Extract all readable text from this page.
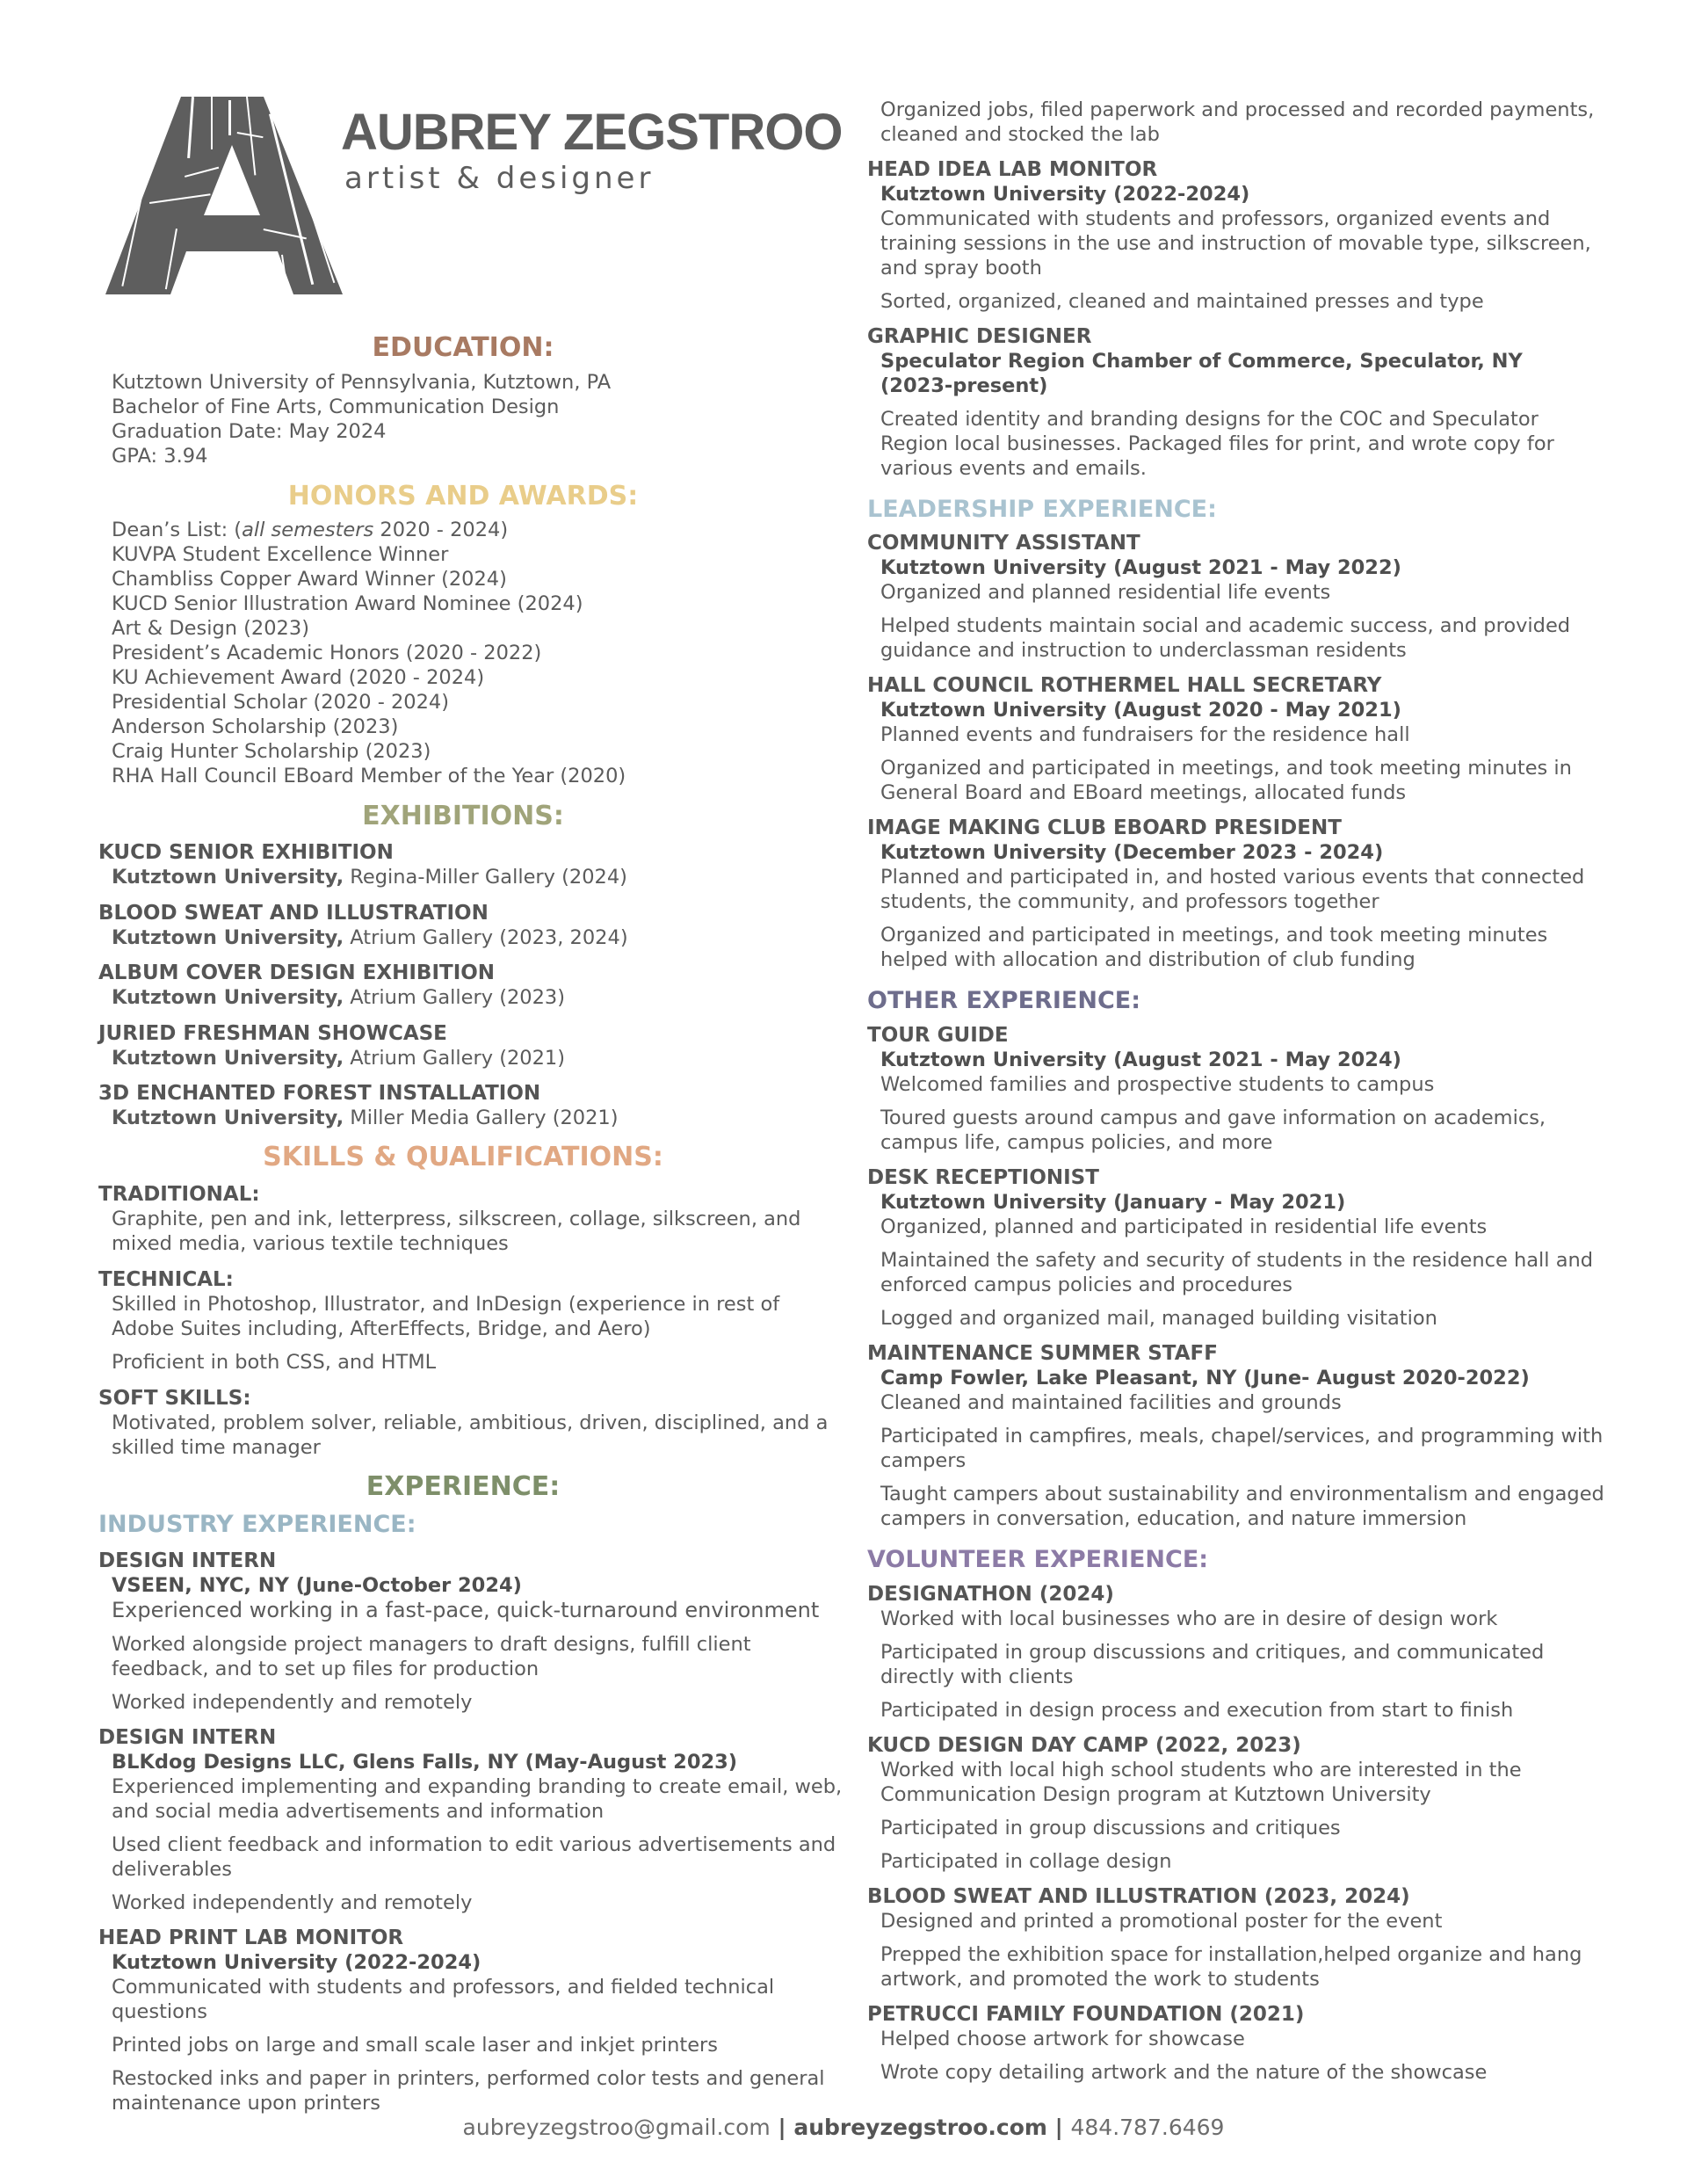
AUBREY ZEGSTROO
artist & designer
EDUCATION:
Kutztown University of Pennsylvania, Kutztown, PA
Bachelor of Fine Arts, Communication Design
Graduation Date: May 2024
GPA: 3.94
HONORS AND AWARDS:
Dean’s List: (all semesters 2020 - 2024)
KUVPA Student Excellence Winner
Chambliss Copper Award Winner (2024)
KUCD Senior Illustration Award Nominee (2024)
Art & Design (2023)
President’s Academic Honors (2020 - 2022)
KU Achievement Award (2020 - 2024)
Presidential Scholar (2020 - 2024)
Anderson Scholarship (2023)
Craig Hunter Scholarship (2023)
RHA Hall Council EBoard Member of the Year (2020)
EXHIBITIONS:
KUCD SENIOR EXHIBITION
Kutztown University, Regina-Miller Gallery (2024)
BLOOD SWEAT AND ILLUSTRATION
Kutztown University, Atrium Gallery (2023, 2024)
ALBUM COVER DESIGN EXHIBITION
Kutztown University, Atrium Gallery (2023)
JURIED FRESHMAN SHOWCASE
Kutztown University, Atrium Gallery (2021)
3D ENCHANTED FOREST INSTALLATION
Kutztown University, Miller Media Gallery (2021)
SKILLS & QUALIFICATIONS:
TRADITIONAL:
Graphite, pen and ink, letterpress, silkscreen, collage, silkscreen, and
mixed media, various textile techniques
TECHNICAL:
Skilled in Photoshop, Illustrator, and InDesign (experience in rest of
Adobe Suites including, AfterEffects, Bridge, and Aero)
Proficient in both CSS, and HTML
SOFT SKILLS:
Motivated, problem solver, reliable, ambitious, driven, disciplined, and a
skilled time manager
EXPERIENCE:
INDUSTRY EXPERIENCE:
DESIGN INTERN
VSEEN, NYC, NY (June-October 2024)
Experienced working in a fast-pace, quick-turnaround environment
Worked alongside project managers to draft designs, fulfill client
feedback, and to set up files for production
Worked independently and remotely
DESIGN INTERN
BLKdog Designs LLC, Glens Falls, NY (May-August 2023)
Experienced implementing and expanding branding to create email, web,
and social media advertisements and information
Used client feedback and information to edit various advertisements and
deliverables
Worked independently and remotely
HEAD PRINT LAB MONITOR
Kutztown University (2022-2024)
Communicated with students and professors, and fielded technical
questions
Printed jobs on large and small scale laser and inkjet printers
Restocked inks and paper in printers, performed color tests and general
maintenance upon printers
Organized jobs, filed paperwork and processed and recorded payments,
cleaned and stocked the lab
HEAD IDEA LAB MONITOR
Kutztown University (2022-2024)
Communicated with students and professors, organized events and
training sessions in the use and instruction of movable type, silkscreen,
and spray booth
Sorted, organized, cleaned and maintained presses and type
GRAPHIC DESIGNER
Speculator Region Chamber of Commerce, Speculator, NY
(2023-present)
Created identity and branding designs for the COC and Speculator
Region local businesses. Packaged files for print, and wrote copy for
various events and emails.
LEADERSHIP EXPERIENCE:
COMMUNITY ASSISTANT
Kutztown University (August 2021 - May 2022)
Organized and planned residential life events
Helped students maintain social and academic success, and provided
guidance and instruction to underclassman residents
HALL COUNCIL ROTHERMEL HALL SECRETARY
Kutztown University (August 2020 - May 2021)
Planned events and fundraisers for the residence hall
Organized and participated in meetings, and took meeting minutes in
General Board and EBoard meetings, allocated funds
IMAGE MAKING CLUB EBOARD PRESIDENT
Kutztown University (December 2023 - 2024)
Planned and participated in, and hosted various events that connected
students, the community, and professors together
Organized and participated in meetings, and took meeting minutes
helped with allocation and distribution of club funding
OTHER EXPERIENCE:
TOUR GUIDE
Kutztown University (August 2021 - May 2024)
Welcomed families and prospective students to campus
Toured guests around campus and gave information on academics,
campus life, campus policies, and more
DESK RECEPTIONIST
Kutztown University (January - May 2021)
Organized, planned and participated in residential life events
Maintained the safety and security of students in the residence hall and
enforced campus policies and procedures
Logged and organized mail, managed building visitation
MAINTENANCE SUMMER STAFF
Camp Fowler, Lake Pleasant, NY (June- August 2020-2022)
Cleaned and maintained facilities and grounds
Participated in campfires, meals, chapel/services, and programming with
campers
Taught campers about sustainability and environmentalism and engaged
campers in conversation, education, and nature immersion
VOLUNTEER EXPERIENCE:
DESIGNATHON (2024)
Worked with local businesses who are in desire of design work
Participated in group discussions and critiques, and communicated
directly with clients
Participated in design process and execution from start to finish
KUCD DESIGN DAY CAMP (2022, 2023)
Worked with local high school students who are interested in the
Communication Design program at Kutztown University
Participated in group discussions and critiques
Participated in collage design
BLOOD SWEAT AND ILLUSTRATION (2023, 2024)
Designed and printed a promotional poster for the event
Prepped the exhibition space for installation,helped organize and hang
artwork, and promoted the work to students
PETRUCCI FAMILY FOUNDATION (2021)
Helped choose artwork for showcase
Wrote copy detailing artwork and the nature of the showcase
aubreyzegstroo@gmail.com | aubreyzegstroo.com | 484.787.6469
